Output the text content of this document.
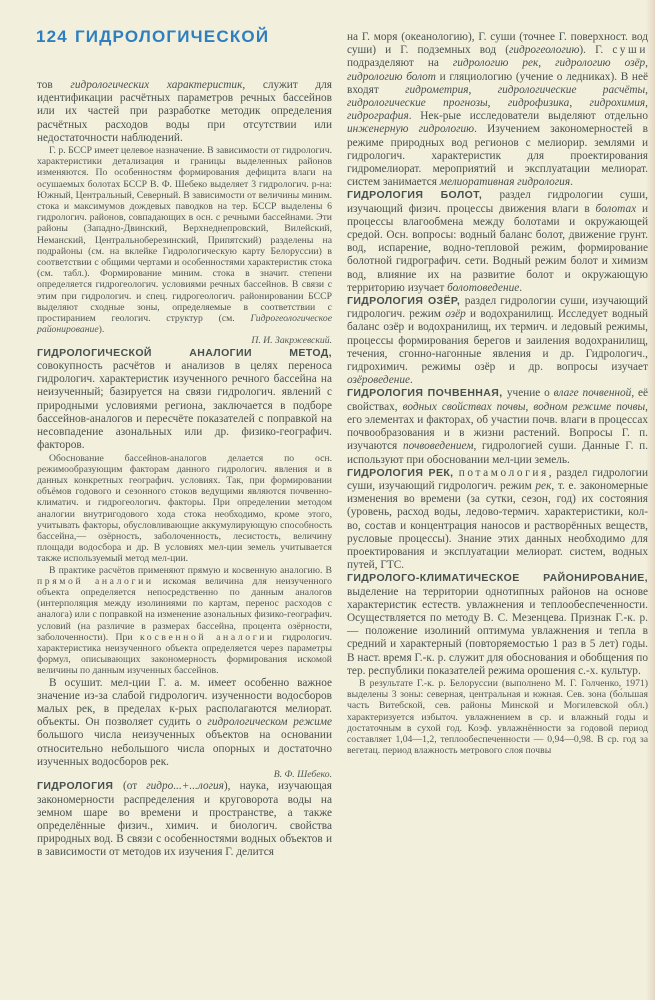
124 ГИДРОЛОГИЧЕСКОЙ

тов гидрологических характеристик, служит для идентификации расчётных параметров речных бассейнов или их частей при разработке методик определения расчётных расходов воды при отсутствии или недостаточности наблюдений.

Г. р. БССР имеет целевое назначение. В зависимости от гидрологич. характеристики детализация и границы выделенных районов изменяются. По особенностям формирования дефицита влаги на осушаемых болотах БССР В. Ф. Шебеко выделяет 3 гидрологич. р-на: Южный, Центральный, Северный. В зависимости от величины миним. стока и максимумов дождевых паводков на тер. БССР выделены 6 гидрологич. районов, совпадающих в осн. с речными бассейнами. Эти районы (Западно-Двинский, Верхнеднепровский, Вилейский, Неманский, Центральноберезинский, Припятский) разделены на подрайоны (см. на вклейке Гидрологическую карту Белоруссии) в соответствии с общими чертами и особенностями характеристик стока (см. табл.). Формирование миним. стока в значит. степени определяется гидрогеологич. условиями речных бассейнов. В связи с этим при гидрологич. и спец. гидрогеологич. районировании БССР выделяют сходные зоны, определяемые в соответствии с простиранием геологич. структур (см. Гидрогеологическое районирование).

П. И. Закржевский.

ГИДРОЛОГИЧЕСКОЙ АНАЛОГИИ МЕТОД, совокупность расчётов и анализов в целях переноса гидрологич. характеристик изученного речного бассейна на неизученный; базируется на связи гидрологич. явлений с природными условиями региона, заключается в подборе бассейнов-аналогов и пересчёте показателей с поправкой на несовпадение азональных или др. физико-географич. факторов.

Обоснование бассейнов-аналогов делается по осн. режимообразующим факторам данного гидрологич. явления и в данных конкретных географич. условиях. Так, при формировании объёмов годового и сезонного стоков ведущими являются почвенно-климатич. и гидрогеологич. факторы. При определении методом аналогии внутригодового хода стока необходимо, кроме этого, учитывать факторы, обусловливающие аккумулирующую способность бассейна,— озёрность, заболоченность, лесистость, величину площади водосбора и др. В условиях мел-ции земель учитывается также используемый метод мел-ции.

В практике расчётов применяют прямую и косвенную аналогию. В прямой аналогии искомая величина для неизученного объекта определяется непосредственно по данным аналогов (интерполяция между изолиниями по картам, перенос расходов с аналога) или с поправкой на изменение азональных физико-географич. условий (на различие в размерах бассейна, процента озёрности, заболоченности). При косвенной аналогии гидрологич. характеристика неизученного объекта определяется через параметры формул, описывающих закономерность формирования искомой величины по данным изученных бассейнов.

В осушит. мел-ции Г. а. м. имеет особенно важное значение из-за слабой гидрологич. изученности водосборов малых рек, в пределах к-рых располагаются мелиорат. объекты. Он позволяет судить о гидрологическом режиме большого числа неизученных объектов на основании относительно небольшого числа опорных и достаточно изученных водосборов рек.

В. Ф. Шебеко.

ГИДРОЛОГИЯ (от гидро...+...логия), наука, изучающая закономерности распределения и круговорота воды на земном шаре во времени и пространстве, а также определённые физич., химич. и биологич. свойства природных вод. В связи с особенностями водных объектов и в зависимости от методов их изучения Г. делится

на Г. моря (океанологию), Г. суши (точнее Г. поверхност. вод суши) и Г. подземных вод (гидрогеологию). Г. суши подразделяют на гидрологию рек, гидрологию озёр, гидрологию болот и гляциологию (учение о ледниках). В неё входят гидрометрия, гидрологические расчёты, гидрологические прогнозы, гидрофизика, гидрохимия, гидрография. Нек-рые исследователи выделяют отдельно инженерную гидрологию. Изучением закономерностей в режиме природных вод регионов с мелиорир. землями и гидрологич. характеристик для проектирования гидромелиорат. мероприятий и эксплуатации мелиорат. систем занимается мелиоративная гидрология.

ГИДРОЛОГИЯ БОЛОТ, раздел гидрологии суши, изучающий физич. процессы движения влаги в болотах и процессы влагообмена между болотами и окружающей средой. Осн. вопросы: водный баланс болот, движение грунт. вод, испарение, водно-тепловой режим, формирование болотной гидрографич. сети. Водный режим болот и химизм вод, влияние их на развитие болот и окружающую территорию изучает болотоведение.

ГИДРОЛОГИЯ ОЗЁР, раздел гидрологии суши, изучающий гидрологич. режим озёр и водохранилищ. Исследует водный баланс озёр и водохранилищ, их термич. и ледовый режимы, процессы формирования берегов и заиления водохранилищ, течения, сгонно-нагонные явления и др. Гидрологич., гидрохимич. режимы озёр и др. вопросы изучает озёроведение.

ГИДРОЛОГИЯ ПОЧВЕННАЯ, учение о влаге почвенной, её свойствах, водных свойствах почвы, водном режиме почвы, его элементах и факторах, об участии почв. влаги в процессах почвообразования и в жизни растений. Вопросы Г. п. изучаются почвоведением, гидрологией суши. Данные Г. п. используют при обосновании мел-ции земель.

ГИДРОЛОГИЯ РЕК, потамология, раздел гидрологии суши, изучающий гидрологич. режим рек, т. е. закономерные изменения во времени (за сутки, сезон, год) их состояния (уровень, расход воды, ледово-термич. характеристики, кол-во, состав и концентрация наносов и растворённых веществ, русловые процессы). Знание этих данных необходимо для проектирования и эксплуатации мелиорат. систем, водных путей, ГТС.

ГИДРОЛОГО-КЛИМАТИЧЕСКОЕ РАЙОНИРОВАНИЕ, выделение на территории однотипных районов на основе характеристик естеств. увлажнения и теплообеспеченности. Осуществляется по методу В. С. Мезенцева. Признак Г.-к. р.— положение изолиний оптимума увлажнения и тепла в средний и характерный (повторяемостью 1 раз в 5 лет) годы. В наст. время Г.-к. р. служит для обоснования и обобщения по тер. республики показателей режима орошения с.-х. культур.

В результате Г.-к. р. Белоруссии (выполнено М. Г. Голченко, 1971) выделены 3 зоны: северная, центральная и южная. Сев. зона (бо́льшая часть Витебской, сев. районы Минской и Могилевской обл.) характеризуется избыточ. увлажнением в ср. и влажный годы и достаточным в сухой год. Коэф. увлажнённости за годовой период составляет 1,04—1,2, теплообеспеченности — 0,94—0,98. В ср. год за вегетац. период влажность метрового слоя почвы
